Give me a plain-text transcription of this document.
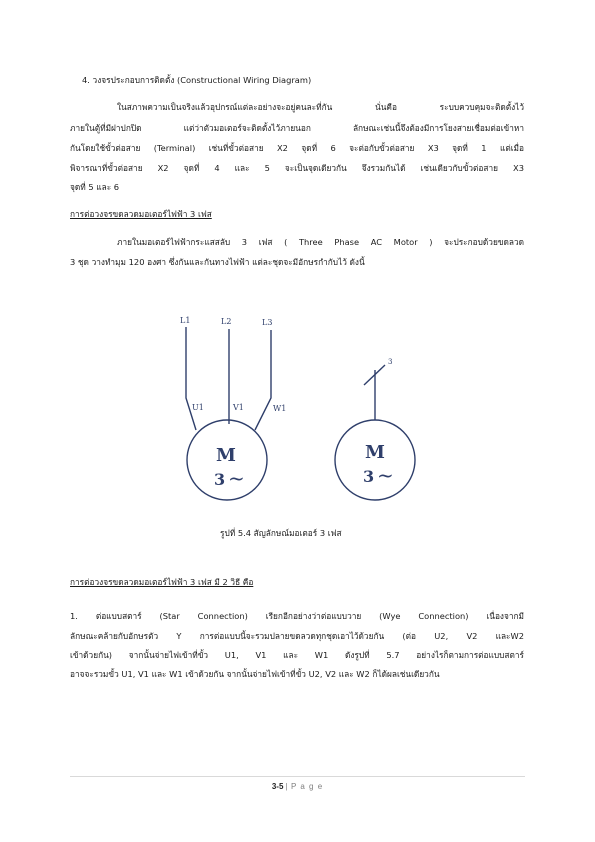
4. วงจรประกอบการติดตั้ง (Constructional Wiring Diagram)
ในสภาพความเป็นจริงแล้วอุปกรณ์แต่ละอย่างจะอยู่คนละที่กัน นั่นคือ ระบบควบคุมจะติดตั้งไว้
ภายในตู้ที่มีฝาปกปิด แต่ว่าตัวมอเตอร์จะติดตั้งไว้ภายนอก ลักษณะเช่นนี้จึงต้องมีการโยงสายเชื่อมต่อเข้าหา
กันโดยใช้ขั้วต่อสาย (Terminal) เช่นที่ขั้วต่อสาย X2 จุดที่ 6 จะต่อกับขั้วต่อสาย X3 จุดที่ 1 แต่เมื่อ
พิจารณาที่ขั้วต่อสาย X2 จุดที่ 4 และ 5 จะเป็นจุดเดียวกัน จึงรวมกันได้ เช่นเดียวกับขั้วต่อสาย X3
จุดที่ 5 และ 6
การต่อวงจรขดลวดมอเตอร์ไฟฟ้า 3 เฟส
ภายในมอเตอร์ไฟฟ้ากระแสสลับ 3 เฟส ( Three Phase AC Motor ) จะประกอบด้วยขดลวด
3 ชุด วางทำมุม 120 องศา ซึ่งกันและกันทางไฟฟ้า แต่ละชุดจะมีอักษรกำกับไว้ ดังนี้
L1	L2	L3
U1	V1	W1
3
M
3 ~
M
3 ~
รูปที่ 5.4 สัญลักษณ์มอเตอร์ 3 เฟส
การต่อวงจรขดลวดมอเตอร์ไฟฟ้า 3 เฟส มี 2 วิธี คือ
1. ต่อแบบสตาร์ (Star Connection) เรียกอีกอย่างว่าต่อแบบวาย (Wye Connection) เนื่องจากมี
ลักษณะคล้ายกับอักษรตัว Y การต่อแบบนี้จะรวมปลายขดลวดทุกชุดเอาไว้ด้วยกัน (ต่อ U2, V2 และW2
เข้าด้วยกัน) จากนั้นจ่ายไฟเข้าที่ขั้ว U1, V1 และ W1 ดังรูปที่ 5.7 อย่างไรก็ตามการต่อแบบสตาร์
อาจจะรวมขั้ว U1, V1 และ W1 เข้าด้วยกัน จากนั้นจ่ายไฟเข้าที่ขั้ว U2, V2 และ W2 ก็ได้ผลเช่นเดียวกัน
3-5 | P a g e
